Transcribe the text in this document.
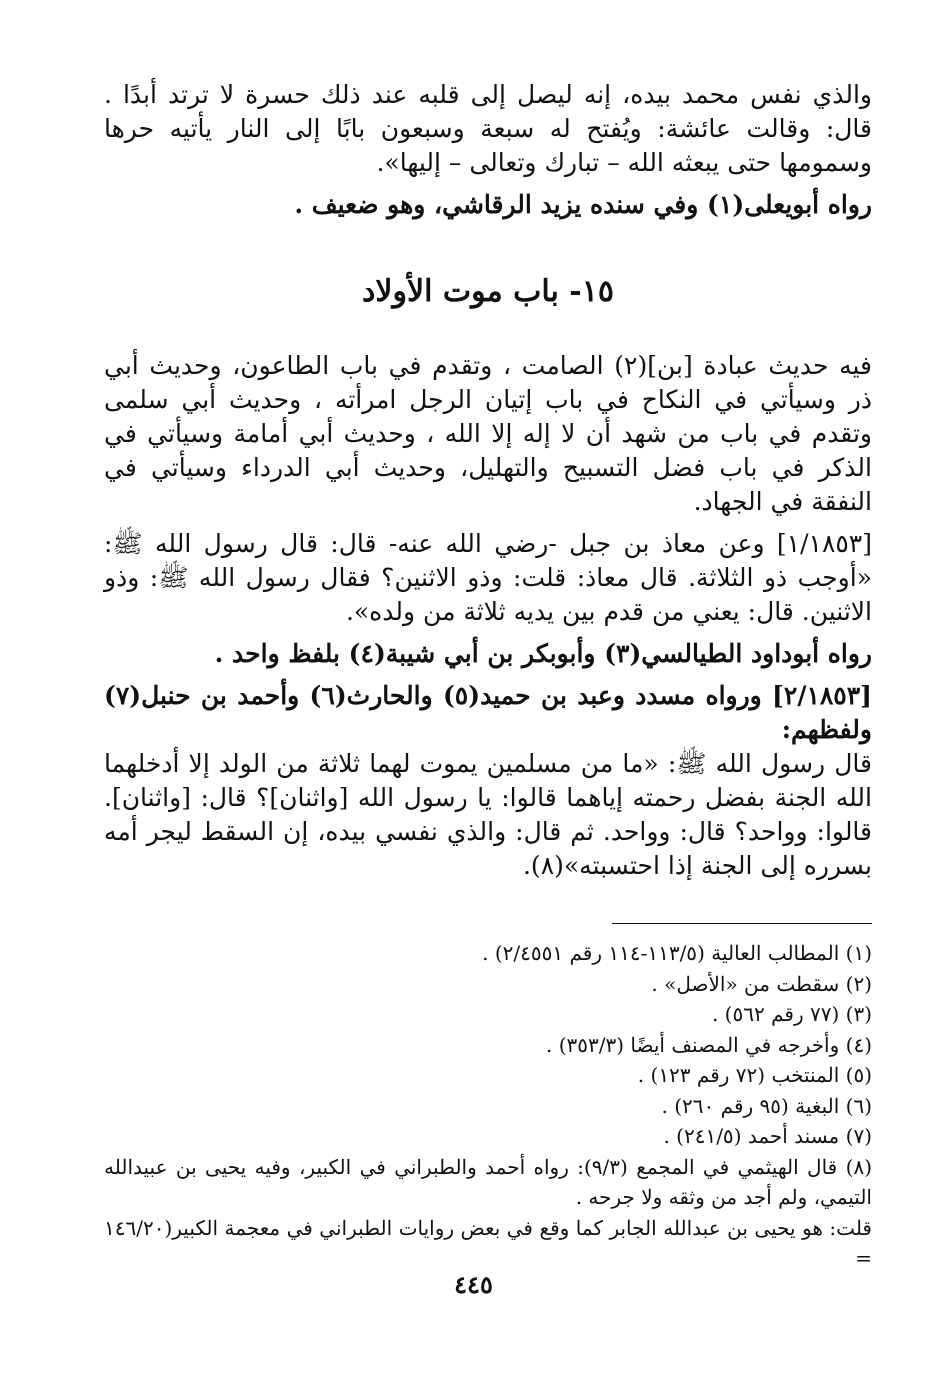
والذي نفس محمد بيده، إنه ليصل إلى قلبه عند ذلك حسرة لا ترتد أبدًا . قال: وقالت عائشة: ويُفتح له سبعة وسبعون بابًا إلى النار يأتيه حرها وسمومها حتى يبعثه الله – تبارك وتعالى – إليها».

رواه أبويعلى(١) وفي سنده يزيد الرقاشي، وهو ضعيف .

١٥- باب موت الأولاد

فيه حديث عبادة [بن](٢) الصامت ، وتقدم في باب الطاعون، وحديث أبي ذر وسيأتي في النكاح في باب إتيان الرجل امرأته ، وحديث أبي سلمى وتقدم في باب من شهد أن لا إله إلا الله ، وحديث أبي أمامة وسيأتي في الذكر في باب فضل التسبيح والتهليل، وحديث أبي الدرداء وسيأتي في النفقة في الجهاد.

[١/١٨٥٣] وعن معاذ بن جبل -رضي الله عنه- قال: قال رسول الله ﷺ: «أوجب ذو الثلاثة. قال معاذ: قلت: وذو الاثنين؟ فقال رسول الله ﷺ: وذو الاثنين. قال: يعني من قدم بين يديه ثلاثة من ولده».

رواه أبوداود الطيالسي(٣) وأبوبكر بن أبي شيبة(٤) بلفظ واحد .

[٢/١٨٥٣] ورواه مسدد وعبد بن حميد(٥) والحارث(٦) وأحمد بن حنبل(٧) ولفظهم:

قال رسول الله ﷺ: «ما من مسلمين يموت لهما ثلاثة من الولد إلا أدخلهما الله الجنة بفضل رحمته إياهما قالوا: يا رسول الله [واثنان]؟ قال: [واثنان]. قالوا: وواحد؟ قال: وواحد. ثم قال: والذي نفسي بيده، إن السقط ليجر أمه بسرره إلى الجنة إذا احتسبته»(٨).

(١) المطالب العالية (١١٣/٥-١١٤ رقم ٢/٤٥٥١) .

(٢) سقطت من «الأصل» .

(٣) (٧٧ رقم ٥٦٢) .

(٤) وأخرجه في المصنف أيضًا (٣٥٣/٣) .

(٥) المنتخب (٧٢ رقم ١٢٣) .

(٦) البغية (٩٥ رقم ٢٦٠) .

(٧) مسند أحمد (٢٤١/٥) .

(٨) قال الهيثمي في المجمع (٩/٣): رواه أحمد والطبراني في الكبير، وفيه يحيى بن عبيدالله التيمي، ولم أجد من وثقه ولا جرحه .

قلت: هو يحيى بن عبدالله الجابر كما وقع في بعض روايات الطبراني في معجمة الكبير(١٤٦/٢٠ =

٤٤٥
